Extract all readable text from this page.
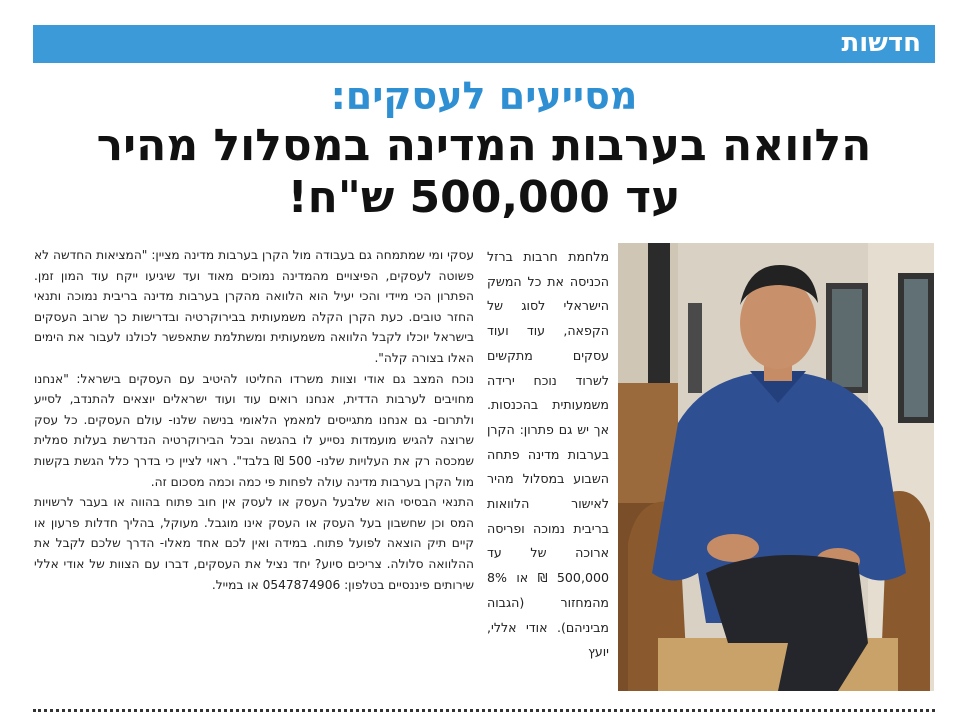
חדשות
מסייעים לעסקים:
הלוואה בערבות המדינה במסלול מהיר
עד 500,000 ש"ח!
מלחמת חרבות ברזל הכניסה את כל המשק הישראלי לסוג של הקפאה, עוד ועוד עסקים מתקשים לשרוד נוכח ירידה משמעותית בהכנסות. אך יש גם פתרון: הקרן בערבות מדינה פתחה השבוע במסלול מהיר לאישור הלוואות בריבית נמוכה ופריסה ארוכה של עד 500,000 ₪ או 8% מהמחזור (הגבוה מביניהם). אודי אללי, יועץ

עסקי ומי שמתמחה גם בעבודה מול הקרן בערבות מדינה מציין: "המציאות החדשה לא פשוטה לעסקים, הפיצויים מהמדינה נמוכים מאוד ועד שיגיעו ייקח עוד המון זמן. הפתרון הכי מיידי והכי יעיל הוא הלוואה מהקרן בערבות מדינה בריבית נמוכה ותנאי החזר טובים. כעת הקרן הקלה משמעותית בבירוקרטיה ובדרישות כך שרוב העסקים בישראל יוכלו לקבל הלוואה משמעותית ומשתלמת שתאפשר לכולנו לעבור את הימים האלו בצורה קלה".

נוכח המצב גם אודי וצוות משרדו החליטו להיטיב עם העסקים בישראל: "אנחנו מחויבים לערבות הדדית, אנחנו רואים עוד ועוד ישראלים יוצאים להתנדב, לסייע ולתרום- גם אנחנו מתגייסים למאמץ הלאומי בנישה שלנו- עולם העסקים. כל עסק שרוצה להגיש מועמדות נסייע לו בהגשה ובכל הבירוקרטיה הנדרשת בעלות סמלית שמכסה רק את העלויות שלנו- 500 ₪ בלבד". ראוי לציין כי בדרך כלל הגשת בקשות מול הקרן בערבות מדינה עולה לפחות פי כמה וכמה מסכום זה.

התנאי הבסיסי הוא שלבעל העסק או לעסק אין חוב פתוח בהווה או בעבר לרשויות המס וכן שחשבון בעל העסק או העסק אינו מוגבל. מעוקל, בהליך חדלות פרעון או קיים תיק הוצאה לפועל פתוח. במידה ואין לכם אחד מאלו- הדרך שלכם לקבל את ההלוואה סלולה. צריכים סיוע? יחד נציל את העסקים, דברו עם הצוות של אודי אללי שירותים פיננסיים בטלפון: 0547874906 או במייל.
